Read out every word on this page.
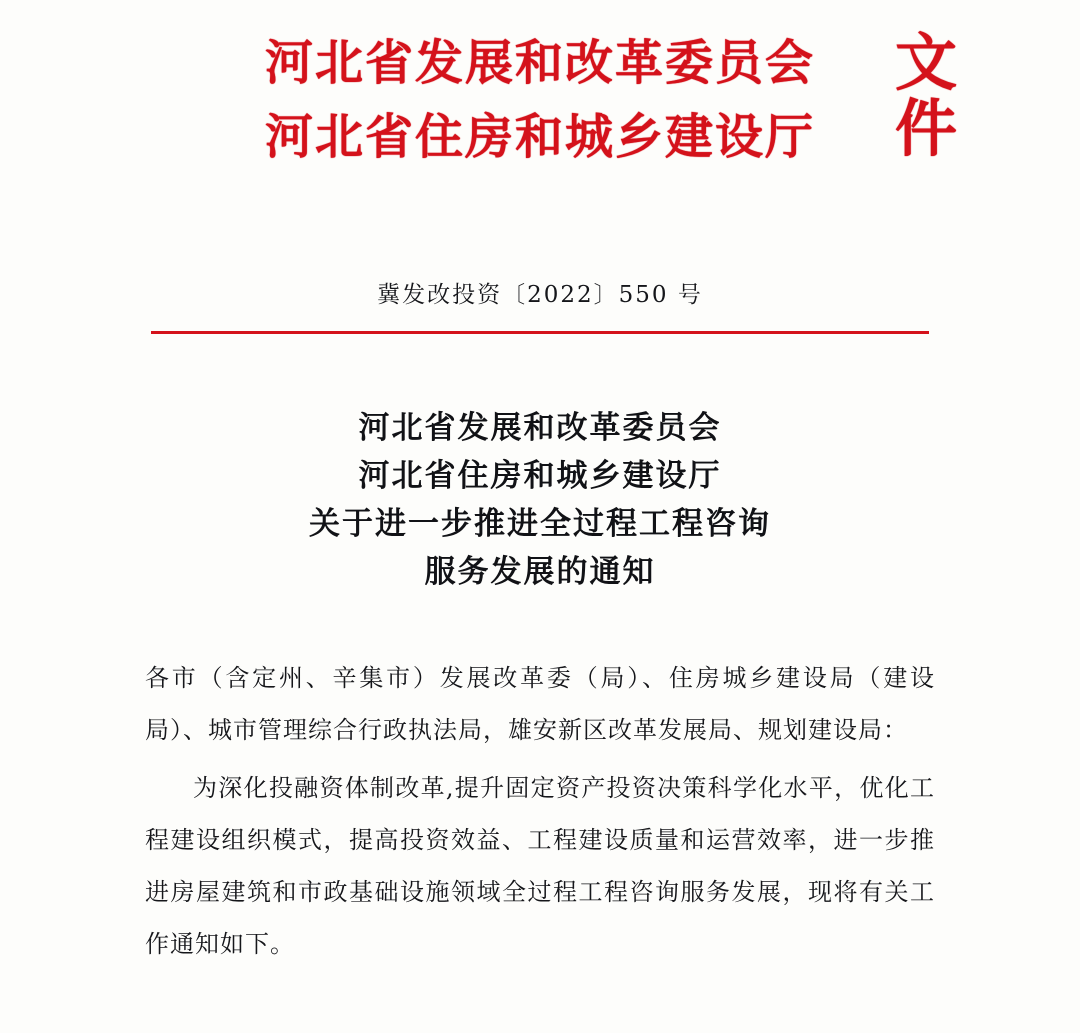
河北省发展和改革委员会
河北省住房和城乡建设厅
文件
冀发改投资〔2022〕550 号
河北省发展和改革委员会
河北省住房和城乡建设厅
关于进一步推进全过程工程咨询
服务发展的通知
各市（含定州、辛集市）发展改革委（局）、住房城乡建设局（建设局）、城市管理综合行政执法局，雄安新区改革发展局、规划建设局：
为深化投融资体制改革,提升固定资产投资决策科学化水平，优化工程建设组织模式，提高投资效益、工程建设质量和运营效率，进一步推进房屋建筑和市政基础设施领域全过程工程咨询服务发展，现将有关工作通知如下。
